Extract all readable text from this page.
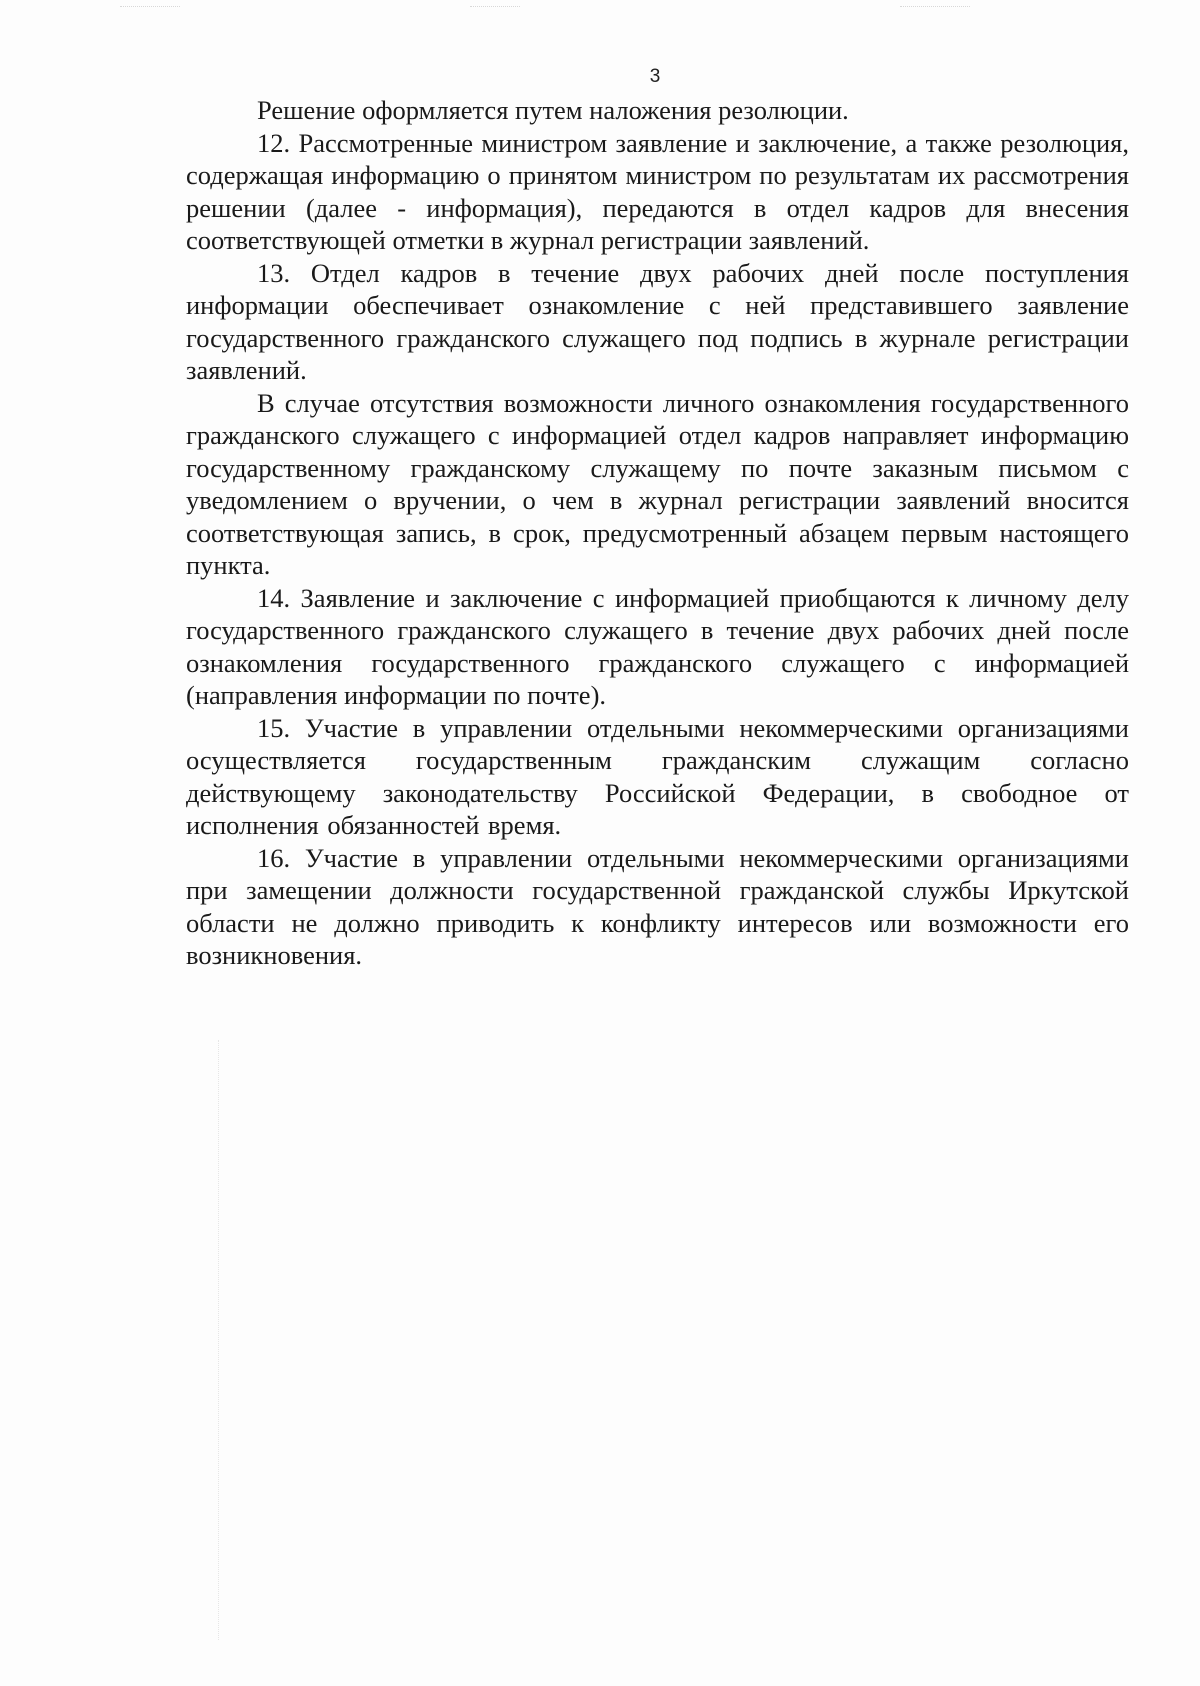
3

Решение оформляется путем наложения резолюции.

12. Рассмотренные министром заявление и заключение, а также резолюция, содержащая информацию о принятом министром по результатам их рассмотрения решении (далее - информация), передаются в отдел кадров для внесения соответствующей отметки в журнал регистрации заявлений.

13. Отдел кадров в течение двух рабочих дней после поступления информации обеспечивает ознакомление с ней представившего заявление государственного гражданского служащего под подпись в журнале регистрации заявлений.

В случае отсутствия возможности личного ознакомления государственного гражданского служащего с информацией отдел кадров направляет информацию государственному гражданскому служащему по почте заказным письмом с уведомлением о вручении, о чем в журнал регистрации заявлений вносится соответствующая запись, в срок, предусмотренный абзацем первым настоящего пункта.

14. Заявление и заключение с информацией приобщаются к личному делу государственного гражданского служащего в течение двух рабочих дней после ознакомления государственного гражданского служащего с информацией (направления информации по почте).

15. Участие в управлении отдельными некоммерческими организациями осуществляется государственным гражданским служащим согласно действующему законодательству Российской Федерации, в свободное от исполнения обязанностей время.

16. Участие в управлении отдельными некоммерческими организациями при замещении должности государственной гражданской службы Иркутской области не должно приводить к конфликту интересов или возможности его возникновения.
